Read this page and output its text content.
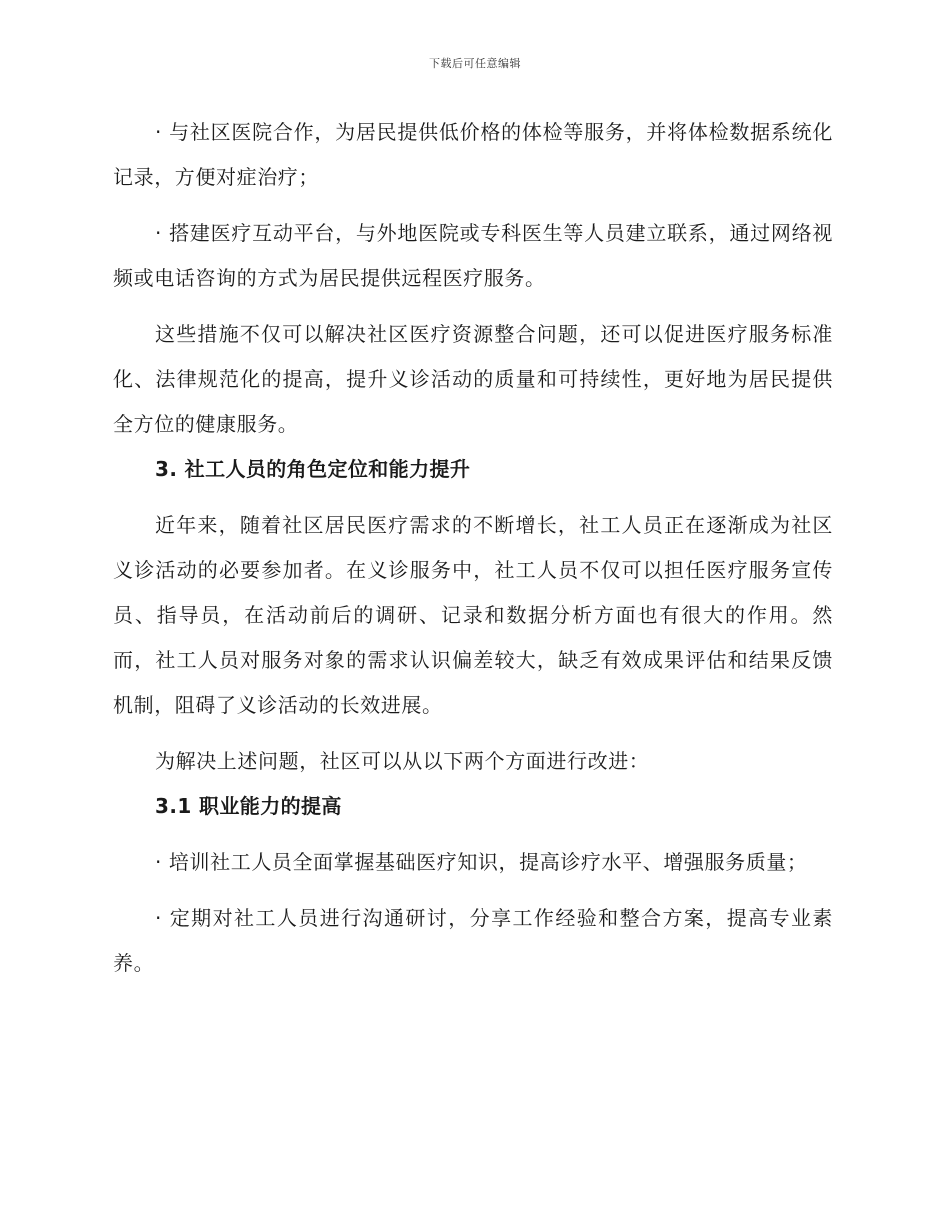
下载后可任意编辑

· 与社区医院合作，为居民提供低价格的体检等服务，并将体检数据系统化记录，方便对症治疗；

· 搭建医疗互动平台，与外地医院或专科医生等人员建立联系，通过网络视频或电话咨询的方式为居民提供远程医疗服务。

这些措施不仅可以解决社区医疗资源整合问题，还可以促进医疗服务标准化、法律规范化的提高，提升义诊活动的质量和可持续性，更好地为居民提供全方位的健康服务。

3. 社工人员的角色定位和能力提升

近年来，随着社区居民医疗需求的不断增长，社工人员正在逐渐成为社区义诊活动的必要参加者。在义诊服务中，社工人员不仅可以担任医疗服务宣传员、指导员，在活动前后的调研、记录和数据分析方面也有很大的作用。然而，社工人员对服务对象的需求认识偏差较大，缺乏有效成果评估和结果反馈机制，阻碍了义诊活动的长效进展。

为解决上述问题，社区可以从以下两个方面进行改进：

3.1 职业能力的提高

· 培训社工人员全面掌握基础医疗知识，提高诊疗水平、增强服务质量；

· 定期对社工人员进行沟通研讨，分享工作经验和整合方案，提高专业素养。
